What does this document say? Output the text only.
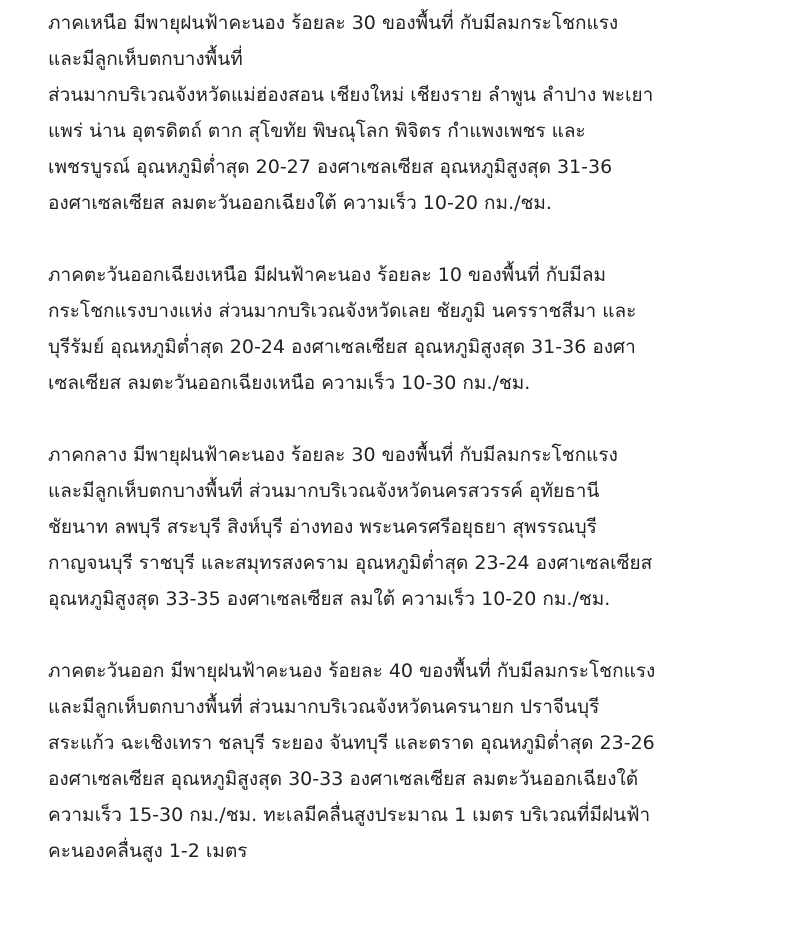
ภาคเหนือ มีพายุฝนฟ้าคะนอง ร้อยละ 30 ของพื้นที่ กับมีลมกระโชกแรง
และมีลูกเห็บตกบางพื้นที่
ส่วนมากบริเวณจังหวัดแม่ฮ่องสอน เชียงใหม่ เชียงราย ลำพูน ลำปาง พะเยา
แพร่ น่าน อุตรดิตถ์ ตาก สุโขทัย พิษณุโลก พิจิตร กำแพงเพชร และ
เพชรบูรณ์ อุณหภูมิต่ำสุด 20-27 องศาเซลเซียส อุณหภูมิสูงสุด 31-36
องศาเซลเซียส ลมตะวันออกเฉียงใต้ ความเร็ว 10-20 กม./ชม.

ภาคตะวันออกเฉียงเหนือ มีฝนฟ้าคะนอง ร้อยละ 10 ของพื้นที่ กับมีลม
กระโชกแรงบางแห่ง ส่วนมากบริเวณจังหวัดเลย ชัยภูมิ นครราชสีมา และ
บุรีรัมย์ อุณหภูมิต่ำสุด 20-24 องศาเซลเซียส อุณหภูมิสูงสุด 31-36 องศา
เซลเซียส ลมตะวันออกเฉียงเหนือ ความเร็ว 10-30 กม./ชม.

ภาคกลาง มีพายุฝนฟ้าคะนอง ร้อยละ 30 ของพื้นที่ กับมีลมกระโชกแรง
และมีลูกเห็บตกบางพื้นที่ ส่วนมากบริเวณจังหวัดนครสวรรค์ อุทัยธานี
ชัยนาท ลพบุรี สระบุรี สิงห์บุรี อ่างทอง พระนครศรีอยุธยา สุพรรณบุรี
กาญจนบุรี ราชบุรี และสมุทรสงคราม อุณหภูมิต่ำสุด 23-24 องศาเซลเซียส
อุณหภูมิสูงสุด 33-35 องศาเซลเซียส ลมใต้ ความเร็ว 10-20 กม./ชม.

ภาคตะวันออก มีพายุฝนฟ้าคะนอง ร้อยละ 40 ของพื้นที่ กับมีลมกระโชกแรง
และมีลูกเห็บตกบางพื้นที่ ส่วนมากบริเวณจังหวัดนครนายก ปราจีนบุรี
สระแก้ว ฉะเชิงเทรา ชลบุรี ระยอง จันทบุรี และตราด อุณหภูมิต่ำสุด 23-26
องศาเซลเซียส อุณหภูมิสูงสุด 30-33 องศาเซลเซียส ลมตะวันออกเฉียงใต้
ความเร็ว 15-30 กม./ชม. ทะเลมีคลื่นสูงประมาณ 1 เมตร บริเวณที่มีฝนฟ้า
คะนองคลื่นสูง 1-2 เมตร
